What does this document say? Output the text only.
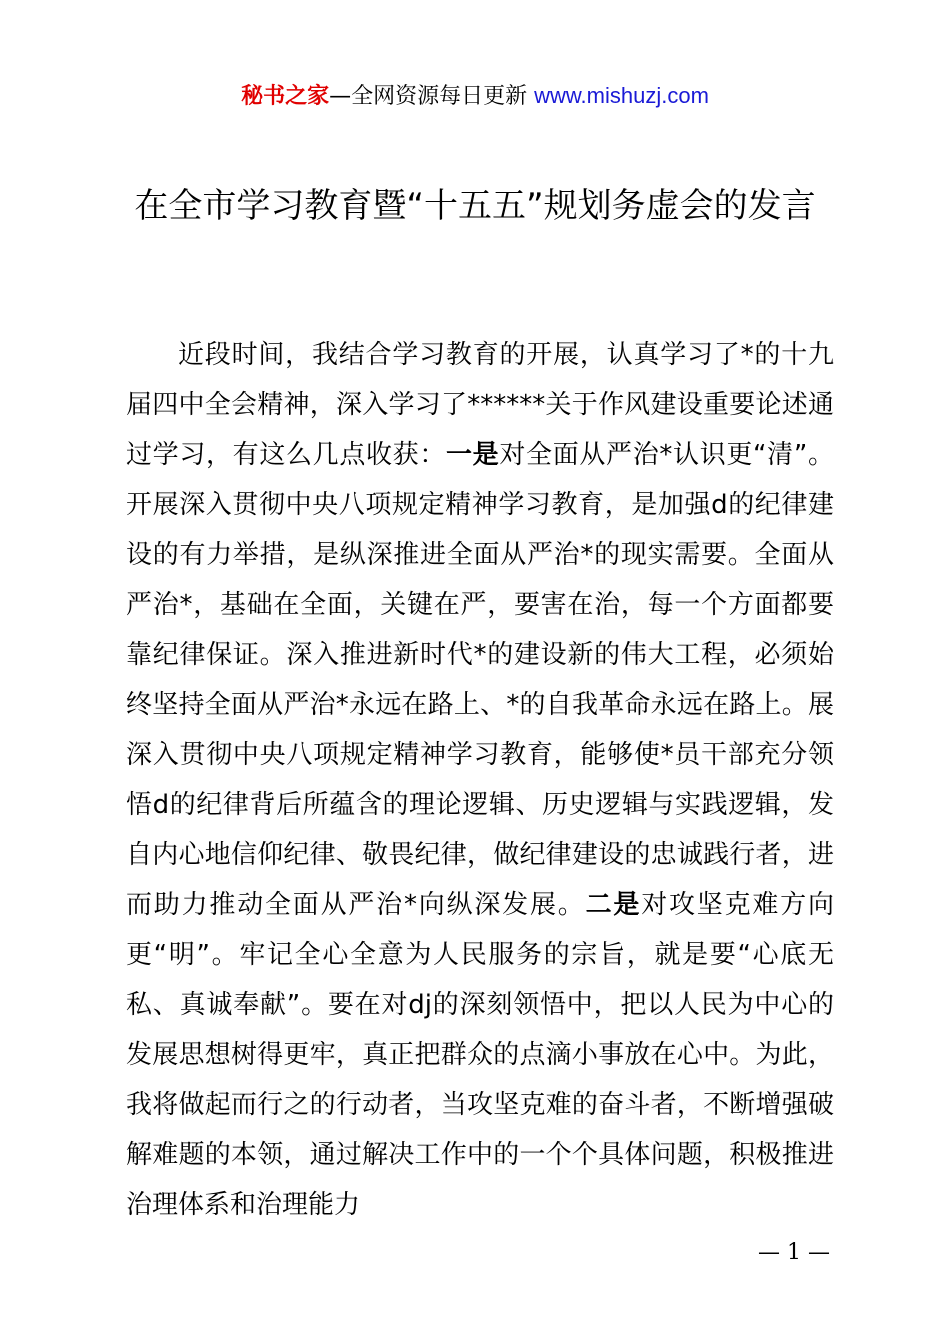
秘书之家—全网资源每日更新 www.mishuzj.com
在全市学习教育暨“十五五”规划务虚会的发言

近段时间，我结合学习教育的开展，认真学习了*的十九届四中全会精神，深入学习了******关于作风建设重要论述通过学习，有这么几点收获：一是对全面从严治*认识更“清”。开展深入贯彻中央八项规定精神学习教育，是加强d的纪律建设的有力举措，是纵深推进全面从严治*的现实需要。全面从严治*，基础在全面，关键在严，要害在治，每一个方面都要靠纪律保证。深入推进新时代*的建设新的伟大工程，必须始终坚持全面从严治*永远在路上、*的自我革命永远在路上。展深入贯彻中央八项规定精神学习教育，能够使*员干部充分领悟d的纪律背后所蕴含的理论逻辑、历史逻辑与实践逻辑，发自内心地信仰纪律、敬畏纪律，做纪律建设的忠诚践行者，进而助力推动全面从严治*向纵深发展。二是对攻坚克难方向更“明”。牢记全心全意为人民服务的宗旨，就是要“心底无私、真诚奉献”。要在对dj的深刻领悟中，把以人民为中心的发展思想树得更牢，真正把群众的点滴小事放在心中。为此，我将做起而行之的行动者，当攻坚克难的奋斗者，不断增强破解难题的本领，通过解决工作中的一个个具体问题，积极推进治理体系和治理能力

— 1 —
